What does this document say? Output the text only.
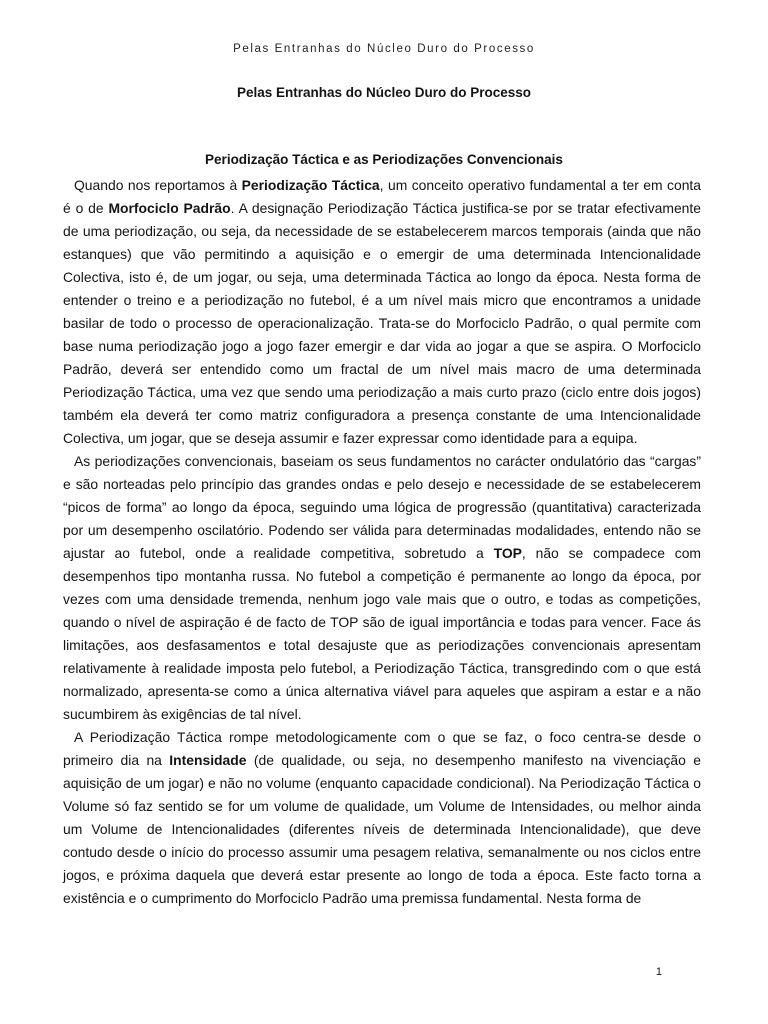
Pelas Entranhas do Núcleo Duro do Processo
Pelas Entranhas do Núcleo Duro do Processo
Periodização Táctica e as Periodizações Convencionais

Quando nos reportamos à Periodização Táctica, um conceito operativo fundamental a ter em conta é o de Morfociclo Padrão. A designação Periodização Táctica justifica-se por se tratar efectivamente de uma periodização, ou seja, da necessidade de se estabelecerem marcos temporais (ainda que não estanques) que vão permitindo a aquisição e o emergir de uma determinada Intencionalidade Colectiva, isto é, de um jogar, ou seja, uma determinada Táctica ao longo da época. Nesta forma de entender o treino e a periodização no futebol, é a um nível mais micro que encontramos a unidade basilar de todo o processo de operacionalização. Trata-se do Morfociclo Padrão, o qual permite com base numa periodização jogo a jogo fazer emergir e dar vida ao jogar a que se aspira. O Morfociclo Padrão, deverá ser entendido como um fractal de um nível mais macro de uma determinada Periodização Táctica, uma vez que sendo uma periodização a mais curto prazo (ciclo entre dois jogos) também ela deverá ter como matriz configuradora a presença constante de uma Intencionalidade Colectiva, um jogar, que se deseja assumir e fazer expressar como identidade para a equipa.

As periodizações convencionais, baseiam os seus fundamentos no carácter ondulatório das “cargas” e são norteadas pelo princípio das grandes ondas e pelo desejo e necessidade de se estabelecerem “picos de forma” ao longo da época, seguindo uma lógica de progressão (quantitativa) caracterizada por um desempenho oscilatório. Podendo ser válida para determinadas modalidades, entendo não se ajustar ao futebol, onde a realidade competitiva, sobretudo a TOP, não se compadece com desempenhos tipo montanha russa. No futebol a competição é permanente ao longo da época, por vezes com uma densidade tremenda, nenhum jogo vale mais que o outro, e todas as competições, quando o nível de aspiração é de facto de TOP são de igual importância e todas para vencer. Face ás limitações, aos desfasamentos e total desajuste que as periodizações convencionais apresentam relativamente à realidade imposta pelo futebol, a Periodização Táctica, transgredindo com o que está normalizado, apresenta-se como a única alternativa viável para aqueles que aspiram a estar e a não sucumbirem às exigências de tal nível.

A Periodização Táctica rompe metodologicamente com o que se faz, o foco centra-se desde o primeiro dia na Intensidade (de qualidade, ou seja, no desempenho manifesto na vivenciação e aquisição de um jogar) e não no volume (enquanto capacidade condicional). Na Periodização Táctica o Volume só faz sentido se for um volume de qualidade, um Volume de Intensidades, ou melhor ainda um Volume de Intencionalidades (diferentes níveis de determinada Intencionalidade), que deve contudo desde o início do processo assumir uma pesagem relativa, semanalmente ou nos ciclos entre jogos, e próxima daquela que deverá estar presente ao longo de toda a época. Este facto torna a existência e o cumprimento do Morfociclo Padrão uma premissa fundamental. Nesta forma de

1
